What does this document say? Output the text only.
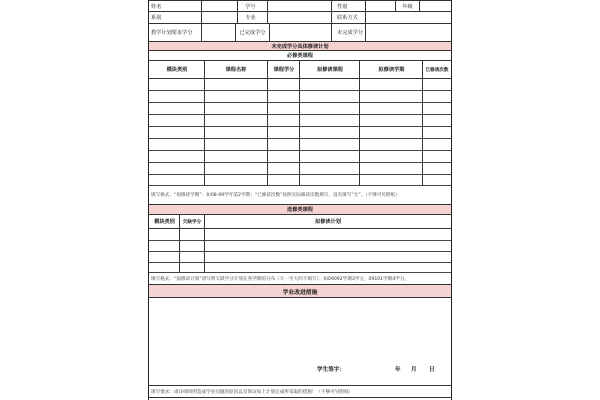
姓名	学号	性别	年级
系别	专业	联系方式
教学计划要求学分	已完成学分	未完成学分
未完成学分具体修读计划
必修类课程
模块类别	课程名称	课程学分	拟修读课程	拟修读学期	已修读次数
填写格式：“拟修读学期”：如08-09学年第2学期；“已修读次数”按照实际修读次数填写，没有填写“无”。（不够可另附纸）
选修类课程
模块类别	欠缺学分	拟修读计划
填写格式：“拟修读计划”请写明欠缺学分计划在各学期的分布（大一至大四不填写）；如09092学期3学分，09101学期4学分。
学业改进措施
学生签字：	年	月	日
填写要求：请详细说明造成学业问题的原因以及保证如上计划完成所采取的措施！（不够可另附纸）
